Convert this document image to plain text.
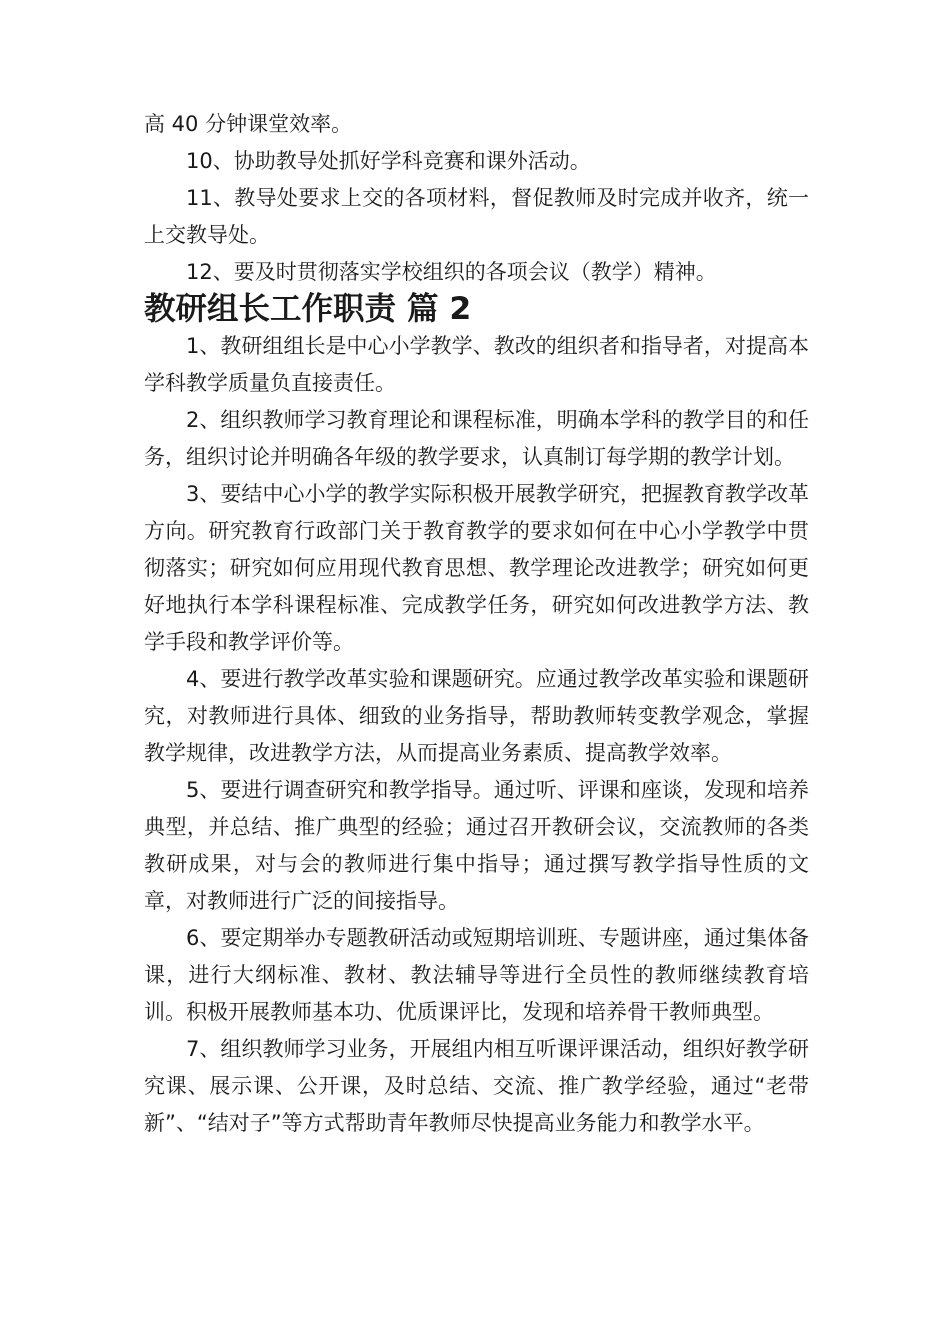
高 40 分钟课堂效率。

10、协助教导处抓好学科竞赛和课外活动。

11、教导处要求上交的各项材料，督促教师及时完成并收齐，统一上交教导处。

12、要及时贯彻落实学校组织的各项会议（教学）精神。

教研组长工作职责 篇 2

1、教研组组长是中心小学教学、教改的组织者和指导者，对提高本学科教学质量负直接责任。

2、组织教师学习教育理论和课程标准，明确本学科的教学目的和任务，组织讨论并明确各年级的教学要求，认真制订每学期的教学计划。

3、要结中心小学的教学实际积极开展教学研究，把握教育教学改革方向。研究教育行政部门关于教育教学的要求如何在中心小学教学中贯彻落实；研究如何应用现代教育思想、教学理论改进教学；研究如何更好地执行本学科课程标准、完成教学任务，研究如何改进教学方法、教学手段和教学评价等。

4、要进行教学改革实验和课题研究。应通过教学改革实验和课题研究，对教师进行具体、细致的业务指导，帮助教师转变教学观念，掌握教学规律，改进教学方法，从而提高业务素质、提高教学效率。

5、要进行调查研究和教学指导。通过听、评课和座谈，发现和培养典型，并总结、推广典型的经验；通过召开教研会议，交流教师的各类教研成果，对与会的教师进行集中指导；通过撰写教学指导性质的文章，对教师进行广泛的间接指导。

6、要定期举办专题教研活动或短期培训班、专题讲座，通过集体备课，进行大纲标准、教材、教法辅导等进行全员性的教师继续教育培训。积极开展教师基本功、优质课评比，发现和培养骨干教师典型。

7、组织教师学习业务，开展组内相互听课评课活动，组织好教学研究课、展示课、公开课，及时总结、交流、推广教学经验，通过“老带新”、“结对子”等方式帮助青年教师尽快提高业务能力和教学水平。
